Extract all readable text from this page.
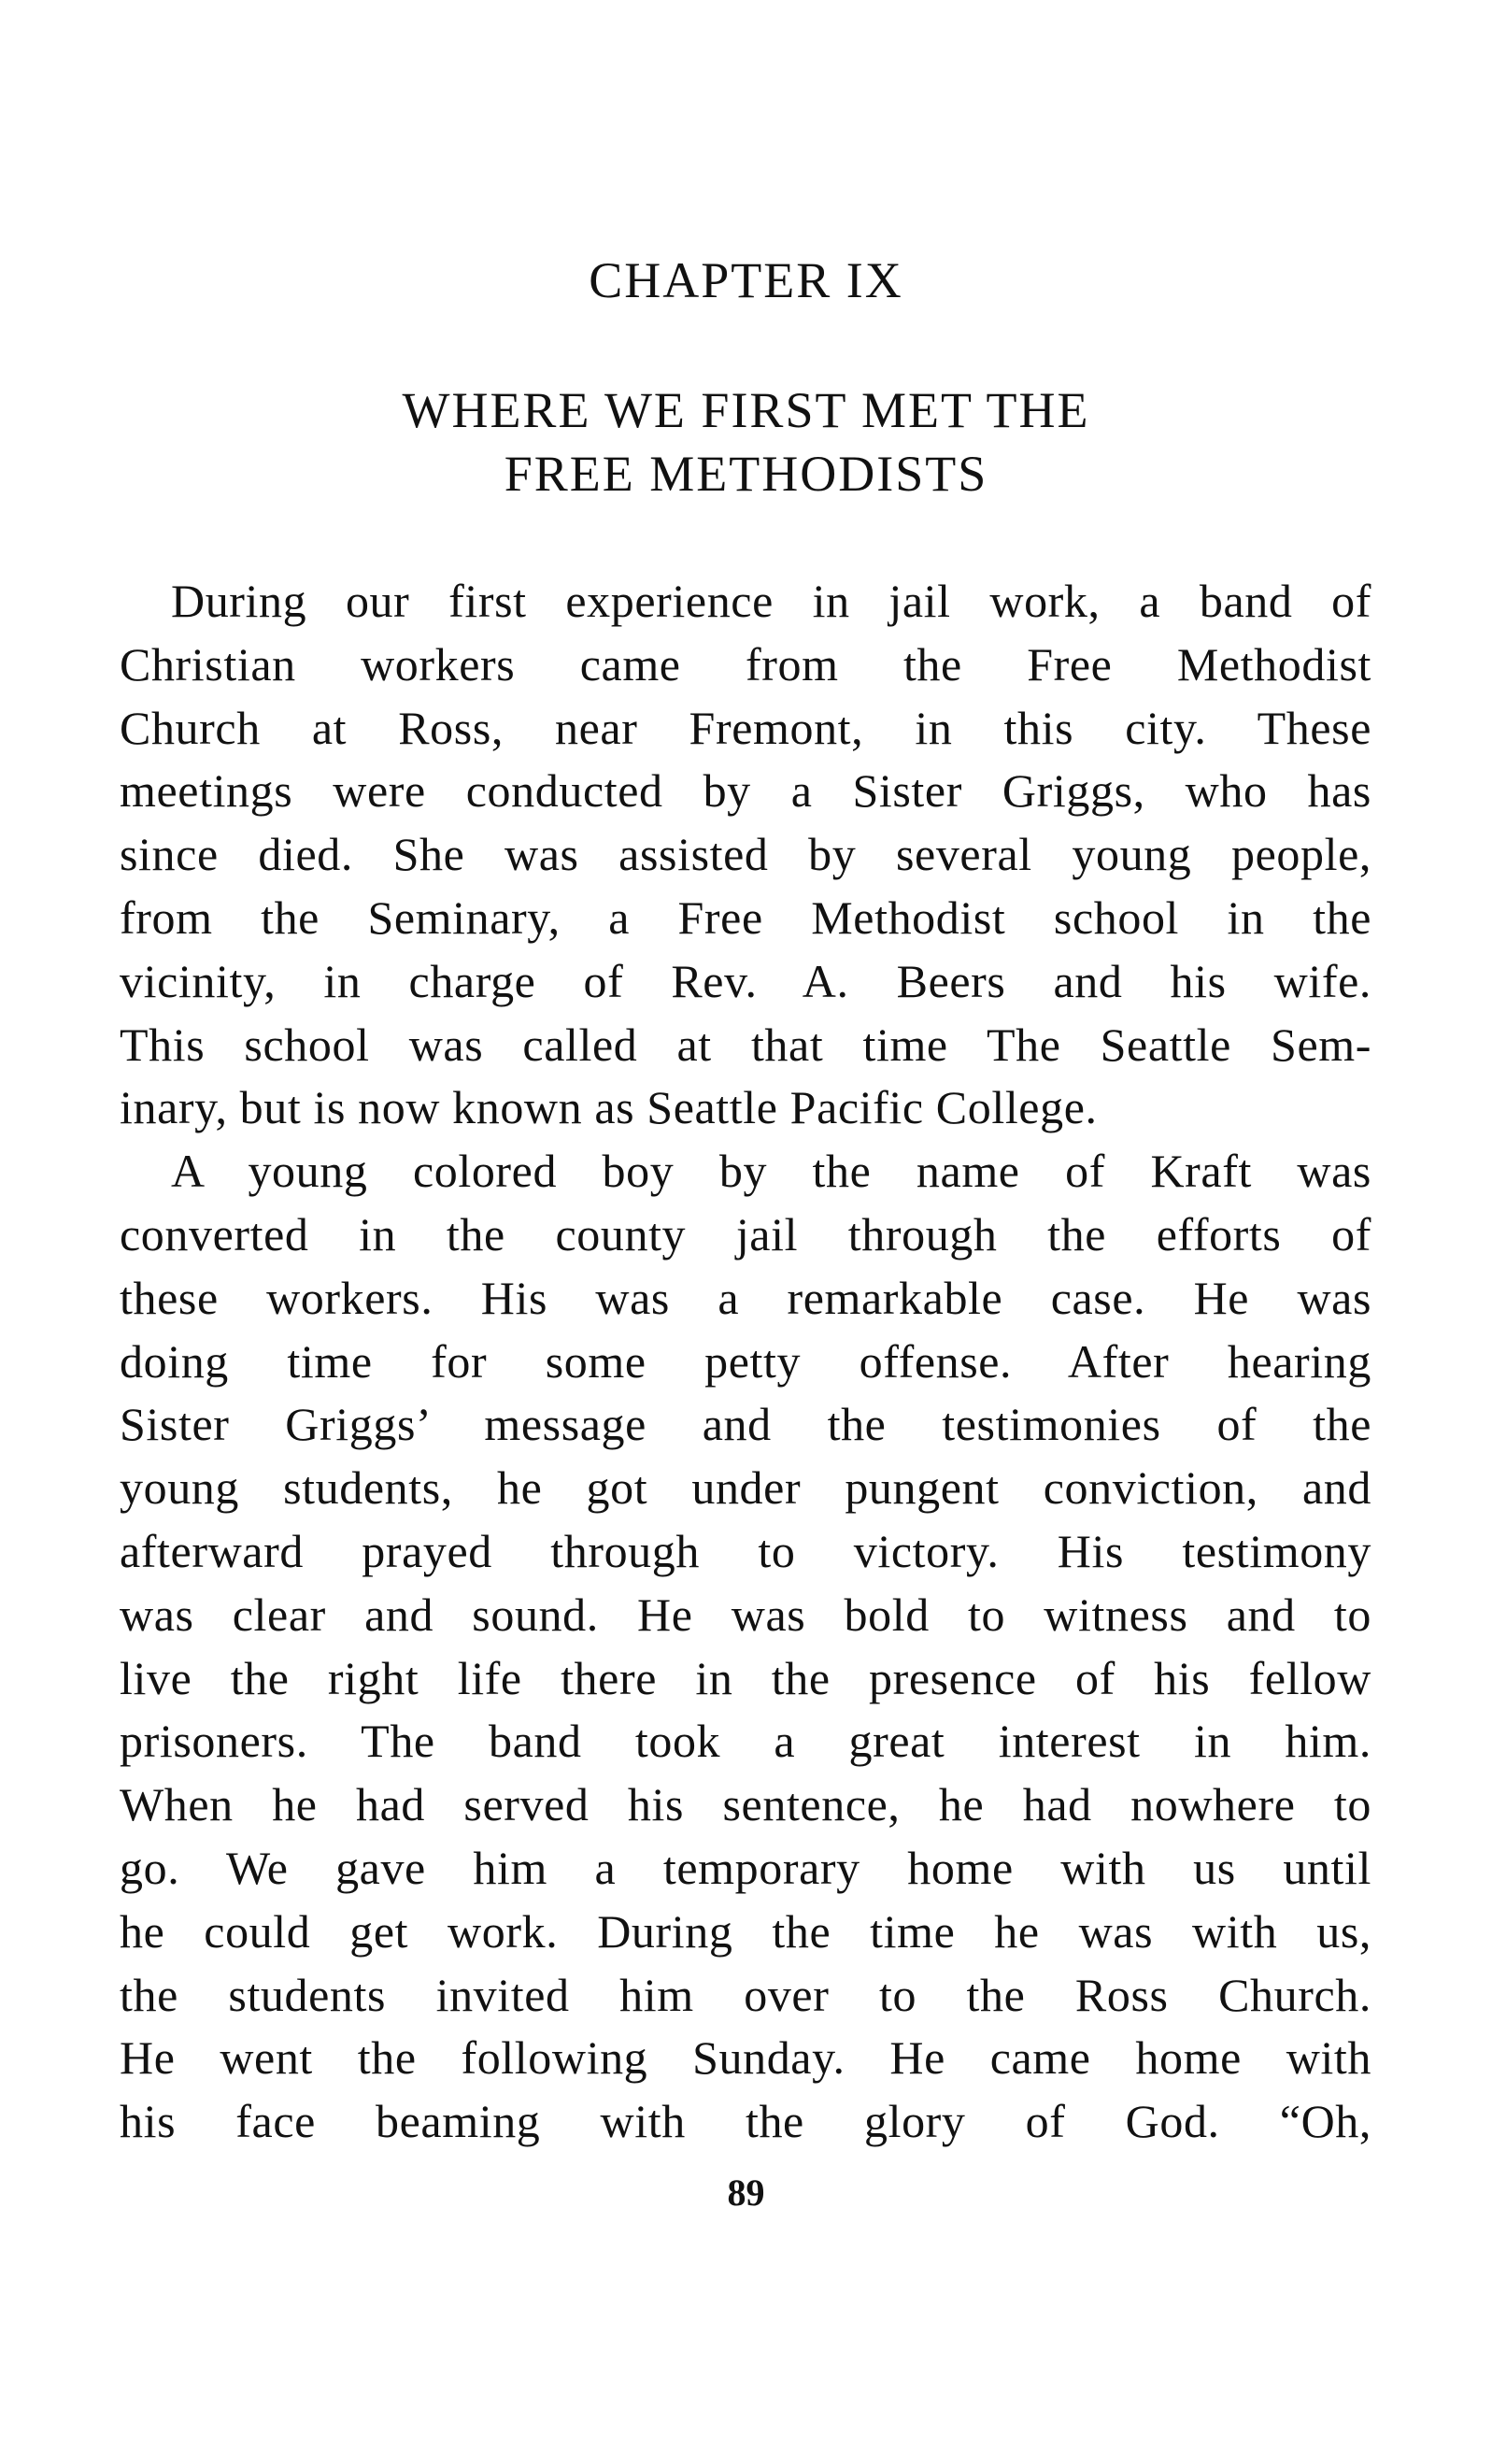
CHAPTER IX
WHERE WE FIRST MET THE
FREE METHODISTS
During our first experience in jail work, a band of
Christian workers came from the Free Methodist
Church at Ross, near Fremont, in this city. These
meetings were conducted by a Sister Griggs, who has
since died. She was assisted by several young people,
from the Seminary, a Free Methodist school in the
vicinity, in charge of Rev. A. Beers and his wife.
This school was called at that time The Seattle Sem-
inary, but is now known as Seattle Pacific College.
A young colored boy by the name of Kraft was
converted in the county jail through the efforts of
these workers. His was a remarkable case. He was
doing time for some petty offense. After hearing
Sister Griggs’ message and the testimonies of the
young students, he got under pungent conviction, and
afterward prayed through to victory. His testimony
was clear and sound. He was bold to witness and to
live the right life there in the presence of his fellow
prisoners. The band took a great interest in him.
When he had served his sentence, he had nowhere to
go. We gave him a temporary home with us until
he could get work. During the time he was with us,
the students invited him over to the Ross Church.
He went the following Sunday. He came home with
his face beaming with the glory of God. “Oh,
89
